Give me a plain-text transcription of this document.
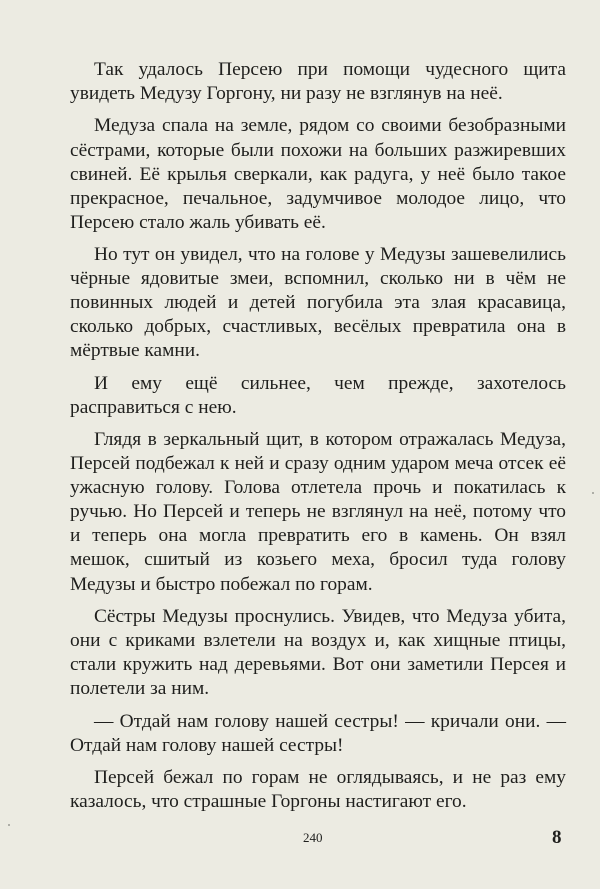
Так удалось Персею при помощи чудесного щита увидеть Медузу Горгону, ни разу не взглянув на неё.

Медуза спала на земле, рядом со своими безобразными сёстрами, которые были похожи на больших разжиревших свиней. Её крылья сверкали, как радуга, у неё было такое прекрасное, печальное, задумчивое молодое лицо, что Персею стало жаль убивать её.

Но тут он увидел, что на голове у Медузы зашевелились чёрные ядовитые змеи, вспомнил, сколько ни в чём не повинных людей и детей погубила эта злая красавица, сколько добрых, счастливых, весёлых превратила она в мёртвые камни.

И ему ещё сильнее, чем прежде, захотелось расправиться с нею.

Глядя в зеркальный щит, в котором отражалась Медуза, Персей подбежал к ней и сразу одним ударом меча отсек её ужасную голову. Голова отлетела прочь и покатилась к ручью. Но Персей и теперь не взглянул на неё, потому что и теперь она могла превратить его в камень. Он взял мешок, сшитый из козьего меха, бросил туда голову Медузы и быстро побежал по горам.

Сёстры Медузы проснулись. Увидев, что Медуза убита, они с криками взлетели на воздух и, как хищные птицы, стали кружить над деревьями. Вот они заметили Персея и полетели за ним.

— Отдай нам голову нашей сестры! — кричали они. — Отдай нам голову нашей сестры!

Персей бежал по горам не оглядываясь, и не раз ему казалось, что страшные Горгоны настигают его.

240	8
